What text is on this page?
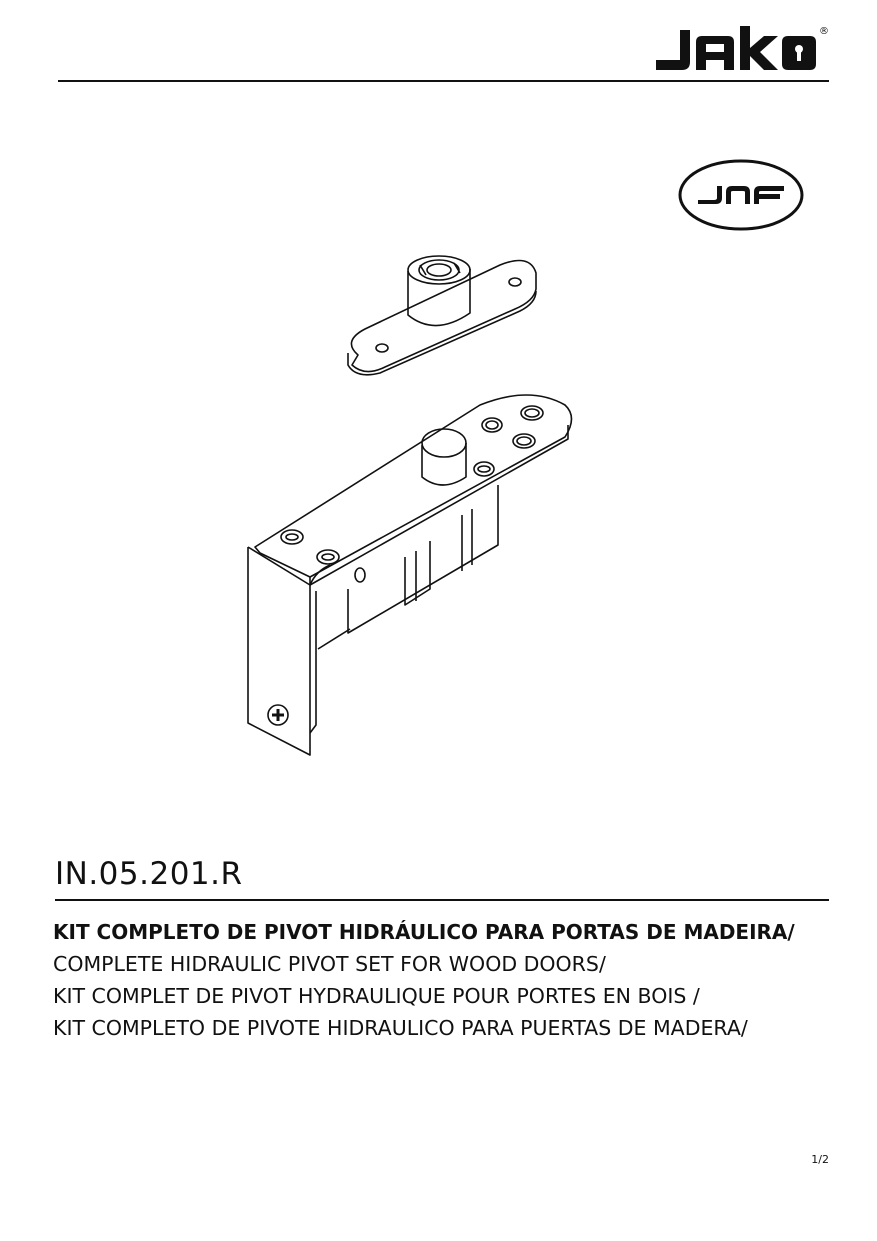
®
IN.05.201.R

KIT COMPLETO DE PIVOT HIDRÁULICO PARA PORTAS DE MADEIRA/

COMPLETE HIDRAULIC PIVOT SET FOR WOOD DOORS/

KIT COMPLET DE PIVOT HYDRAULIQUE POUR PORTES EN BOIS /

KIT COMPLETO DE PIVOTE HIDRAULICO PARA PUERTAS DE MADERA/

1/2
